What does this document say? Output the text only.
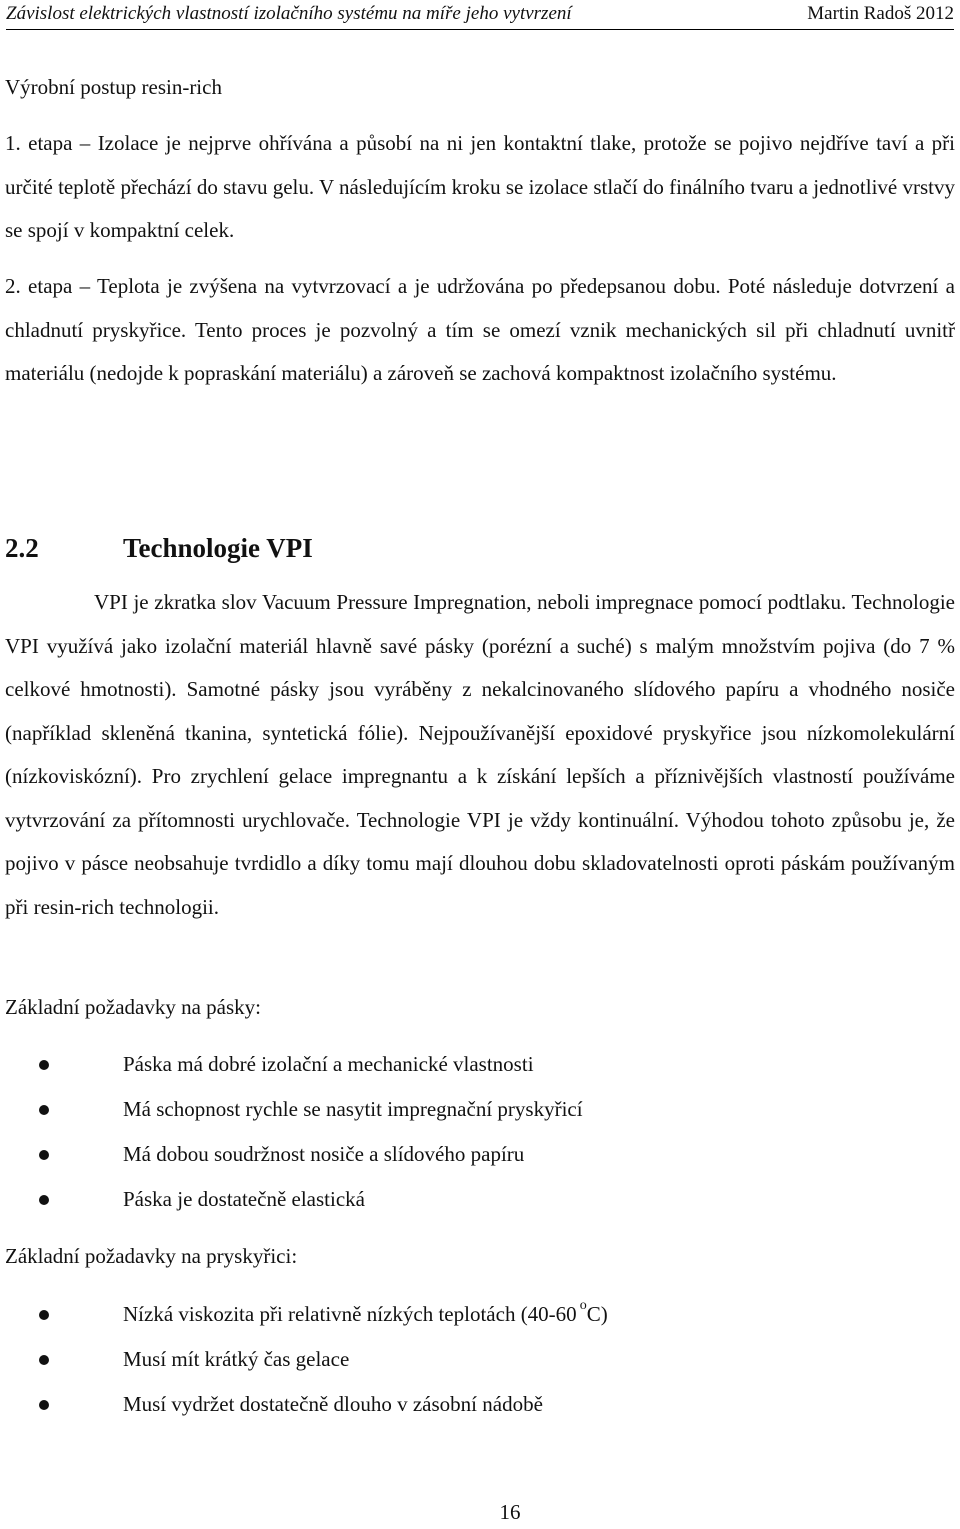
Závislost elektrických vlastností izolačního systému na míře jeho vytvrzení	Martin Radoš 2012

Výrobní postup resin-rich

1. etapa – Izolace je nejprve ohřívána a působí na ni jen kontaktní tlake, protože se pojivo nejdříve taví a při určité teplotě přechází do stavu gelu. V následujícím kroku se izolace stlačí do finálního tvaru a jednotlivé vrstvy se spojí v kompaktní celek.

2. etapa – Teplota je zvýšena na vytvrzovací a je udržována po předepsanou dobu. Poté následuje dotvrzení a chladnutí pryskyřice. Tento proces je pozvolný a tím se omezí vznik mechanických sil při chladnutí uvnitř materiálu (nedojde k popraskání materiálu) a zároveň se zachová kompaktnost izolačního systému.

2.2	Technologie VPI

VPI je zkratka slov Vacuum Pressure Impregnation, neboli impregnace pomocí podtlaku. Technologie VPI využívá jako izolační materiál hlavně savé pásky (porézní a suché) s malým množstvím pojiva (do 7 % celkové hmotnosti). Samotné pásky jsou vyráběny z nekalcinovaného slídového papíru a vhodného nosiče (například skleněná tkanina, syntetická fólie). Nejpoužívanější epoxidové pryskyřice jsou nízkomolekulární (nízkoviskózní). Pro zrychlení gelace impregnantu a k získání lepších a příznivějších vlastností používáme vytvrzování za přítomnosti urychlovače. Technologie VPI je vždy kontinuální. Výhodou tohoto způsobu je, že pojivo v pásce neobsahuje tvrdidlo a díky tomu mají dlouhou dobu skladovatelnosti oproti páskám používaným při resin-rich technologii.

Základní požadavky na pásky:

Páska má dobré izolační a mechanické vlastnosti
Má schopnost rychle se nasytit impregnační pryskyřicí
Má dobou soudržnost nosiče a slídového papíru
Páska je dostatečně elastická

Základní požadavky na pryskyřici:

Nízká viskozita při relativně nízkých teplotách (40-60 $^o$C)
Musí mít krátký čas gelace
Musí vydržet dostatečně dlouho v zásobní nádobě
16
